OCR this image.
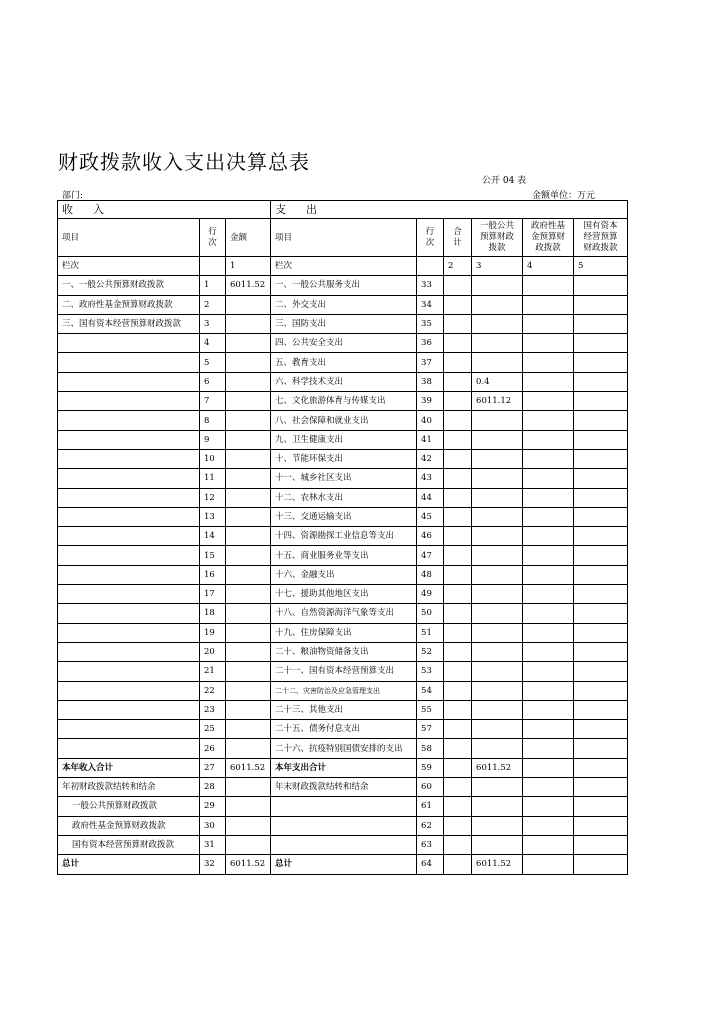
财政拨款收入支出决算总表
公开 04 表
部门:	金额单位：万元
收入			支出					
项目	行次	金额	项目	行次	合计	一般公共预算财政拨款	政府性基金预算财政拨款	国有资本经营预算财政拨款

栏次		1	栏次		2	3	4	5
一、一般公共预算财政拨款	1	6011.52	一、一般公共服务支出	33				
二、政府性基金预算财政拨款	2		二、外交支出	34				
三、国有资本经营预算财政拨款	3		三、国防支出	35				
	4		四、公共安全支出	36				
	5		五、教育支出	37				
	6		六、科学技术支出	38		0.4		
	7		七、文化旅游体育与传媒支出	39		6011.12		
	8		八、社会保障和就业支出	40				
	9		九、卫生健康支出	41				
	10		十、节能环保支出	42				
	11		十一、城乡社区支出	43				
	12		十二、农林水支出	44				
	13		十三、交通运输支出	45				
	14		十四、资源勘探工业信息等支出	46				
	15		十五、商业服务业等支出	47				
	16		十六、金融支出	48				
	17		十七、援助其他地区支出	49				
	18		十八、自然资源海洋气象等支出	50				
	19		十九、住房保障支出	51				
	20		二十、粮油物资储备支出	52				
	21		二十一、国有资本经营预算支出	53				
	22		二十二、灾害防治及应急管理支出	54				
	23		二十三、其他支出	55				
	25		二十五、债务付息支出	57				
	26		二十六、抗疫特别国债安排的支出	58				
本年收入合计	27	6011.52	本年支出合计	59		6011.52		
年初财政拨款结转和结余	28		年末财政拨款结转和结余	60				
一般公共预算财政拨款	29			61				
政府性基金预算财政拨款	30			62				
国有资本经营预算财政拨款	31			63				
总计	32	6011.52	总计	64		6011.52		
